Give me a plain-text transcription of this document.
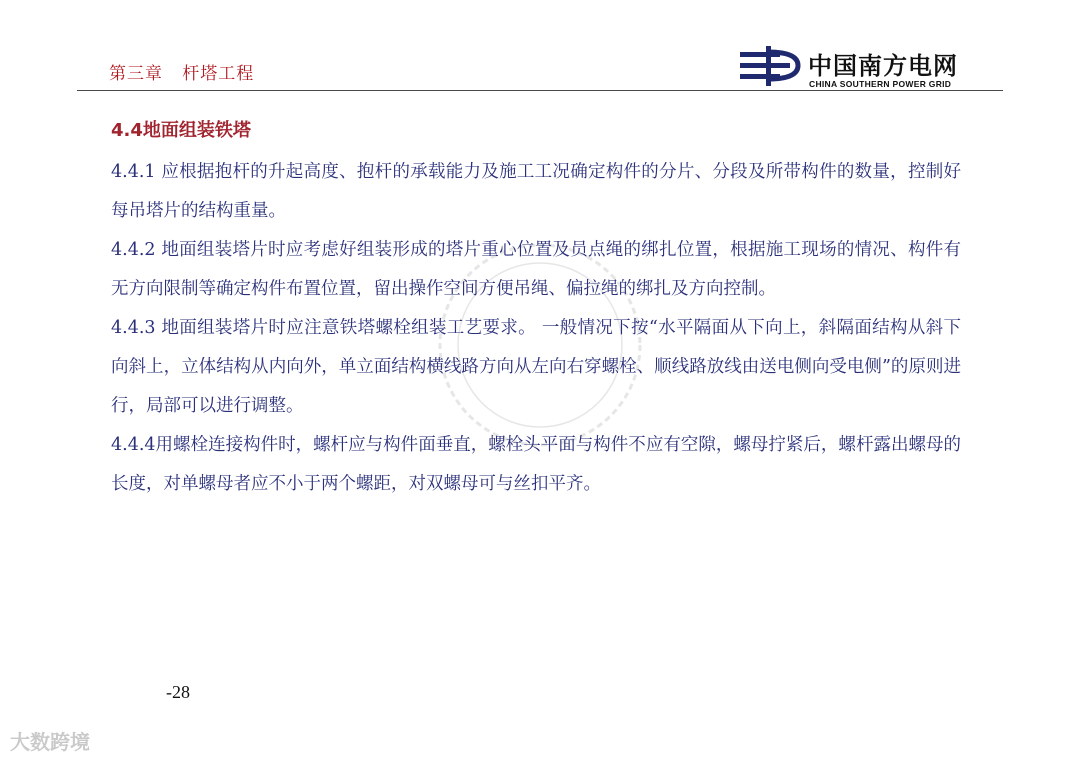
第三章   杆塔工程	中国南方电网
CHINA SOUTHERN POWER GRID
4.4地面组装铁塔

4.4.1 应根据抱杆的升起高度、抱杆的承载能力及施工工况确定构件的分片、分段及所带构件的数量，控制好每吊塔片的结构重量。

4.4.2 地面组装塔片时应考虑好组装形成的塔片重心位置及员点绳的绑扎位置，根据施工现场的情况、构件有无方向限制等确定构件布置位置，留出操作空间方便吊绳、偏拉绳的绑扎及方向控制。

4.4.3 地面组装塔片时应注意铁塔螺栓组装工艺要求。 一般情况下按“水平隔面从下向上，斜隔面结构从斜下向斜上，立体结构从内向外，单立面结构横线路方向从左向右穿螺栓、顺线路放线由送电侧向受电侧”的原则进行，局部可以进行调整。

4.4.4用螺栓连接构件时，螺杆应与构件面垂直，螺栓头平面与构件不应有空隙，螺母拧紧后，螺杆露出螺母的长度，对单螺母者应不小于两个螺距，对双螺母可与丝扣平齐。

-28
大数跨境
